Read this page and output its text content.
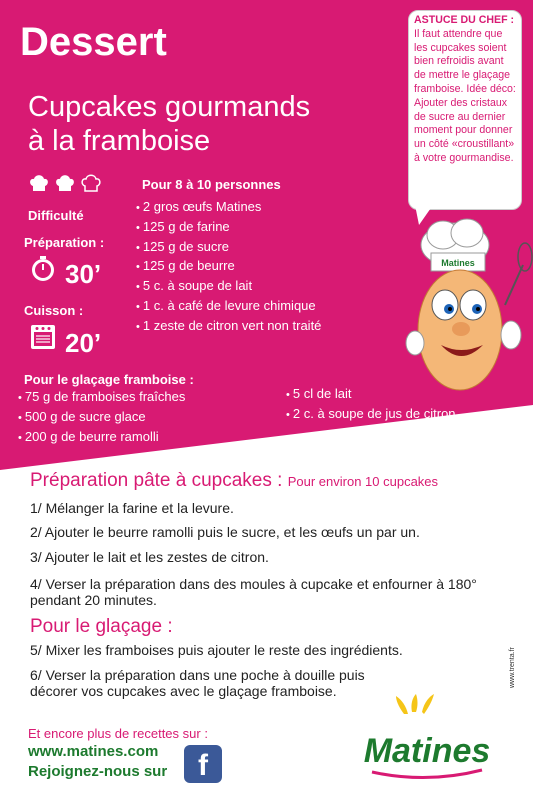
Dessert
Cupcakes gourmands
à la framboise
Difficulté
Préparation :
30’
Cuisson :
20’
Pour 8 à 10 personnes
• 2 gros œufs Matines
• 125 g de farine
• 125 g de sucre
• 125 g de beurre
• 5 c. à soupe de lait
• 1 c. à café de levure chimique
• 1 zeste de citron vert non traité
Pour le glaçage framboise :
• 75 g de framboises fraîches
• 500 g de sucre glace
• 200 g de beurre ramolli
• 5 cl de lait
• 2 c. à soupe de jus de citron
ASTUCE DU CHEF :
Il faut attendre que les cupcakes soient bien refroidis avant de mettre le glaçage framboise. Idée déco: Ajouter des cristaux de sucre au dernier moment pour donner un côté «croustillant» à votre gourmandise.
Matines
Préparation pâte à cupcakes : Pour environ 10 cupcakes

1/ Mélanger la farine et la levure.

2/ Ajouter le beurre ramolli puis le sucre, et les œufs un par un.

3/ Ajouter le lait et les zestes de citron.

4/ Verser la préparation dans des moules à cupcake et enfourner à 180° pendant 20 minutes.

Pour le glaçage :

5/ Mixer les framboises puis ajouter le reste des ingrédients.

6/ Verser la préparation dans une poche à douille puis décorer vos cupcakes avec le glaçage framboise.

Et encore plus de recettes sur :
www.matines.com
Rejoignez-nous sur	f	Matines
www.trenta.fr
